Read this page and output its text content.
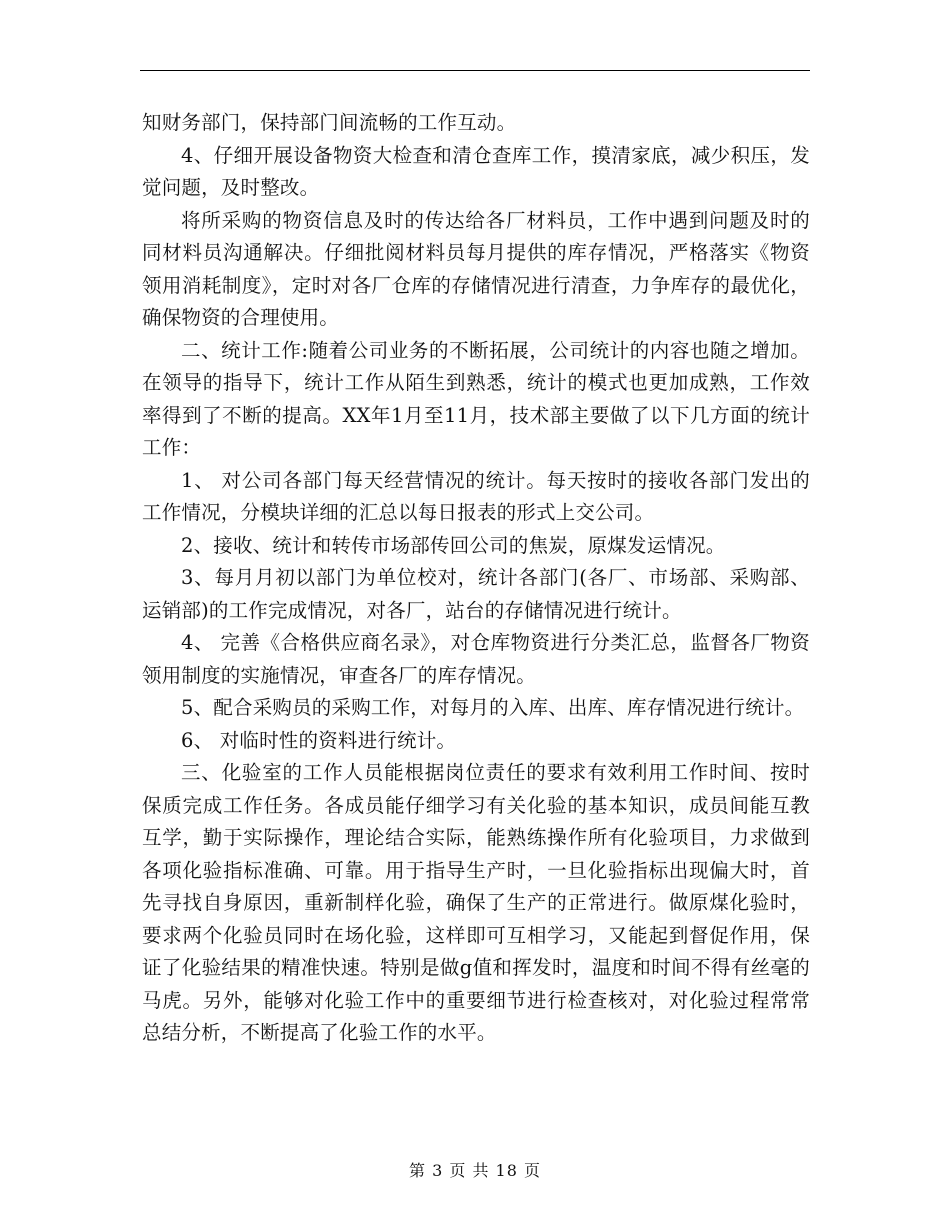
知财务部门，保持部门间流畅的工作互动。

4、仔细开展设备物资大检查和清仓查库工作，摸清家底，减少积压，发觉问题，及时整改。

将所采购的物资信息及时的传达给各厂材料员，工作中遇到问题及时的同材料员沟通解决。仔细批阅材料员每月提供的库存情况，严格落实《物资领用消耗制度》，定时对各厂仓库的存储情况进行清查，力争库存的最优化，确保物资的合理使用。

二、统计工作:随着公司业务的不断拓展，公司统计的内容也随之增加。在领导的指导下，统计工作从陌生到熟悉，统计的模式也更加成熟，工作效率得到了不断的提高。XX年1月至11月，技术部主要做了以下几方面的统计工作：

1、 对公司各部门每天经营情况的统计。每天按时的接收各部门发出的工作情况，分模块详细的汇总以每日报表的形式上交公司。

2、接收、统计和转传市场部传回公司的焦炭，原煤发运情况。

3、每月月初以部门为单位校对，统计各部门(各厂、市场部、采购部、运销部)的工作完成情况，对各厂，站台的存储情况进行统计。

4、 完善《合格供应商名录》，对仓库物资进行分类汇总，监督各厂物资领用制度的实施情况，审查各厂的库存情况。

5、配合采购员的采购工作，对每月的入库、出库、库存情况进行统计。

6、 对临时性的资料进行统计。

三、化验室的工作人员能根据岗位责任的要求有效利用工作时间、按时保质完成工作任务。各成员能仔细学习有关化验的基本知识，成员间能互教互学，勤于实际操作，理论结合实际，能熟练操作所有化验项目，力求做到各项化验指标准确、可靠。用于指导生产时，一旦化验指标出现偏大时，首先寻找自身原因，重新制样化验，确保了生产的正常进行。做原煤化验时，要求两个化验员同时在场化验，这样即可互相学习，又能起到督促作用，保证了化验结果的精准快速。特别是做g值和挥发时，温度和时间不得有丝毫的马虎。另外，能够对化验工作中的重要细节进行检查核对，对化验过程常常总结分析，不断提高了化验工作的水平。

第 3 页 共 18 页
